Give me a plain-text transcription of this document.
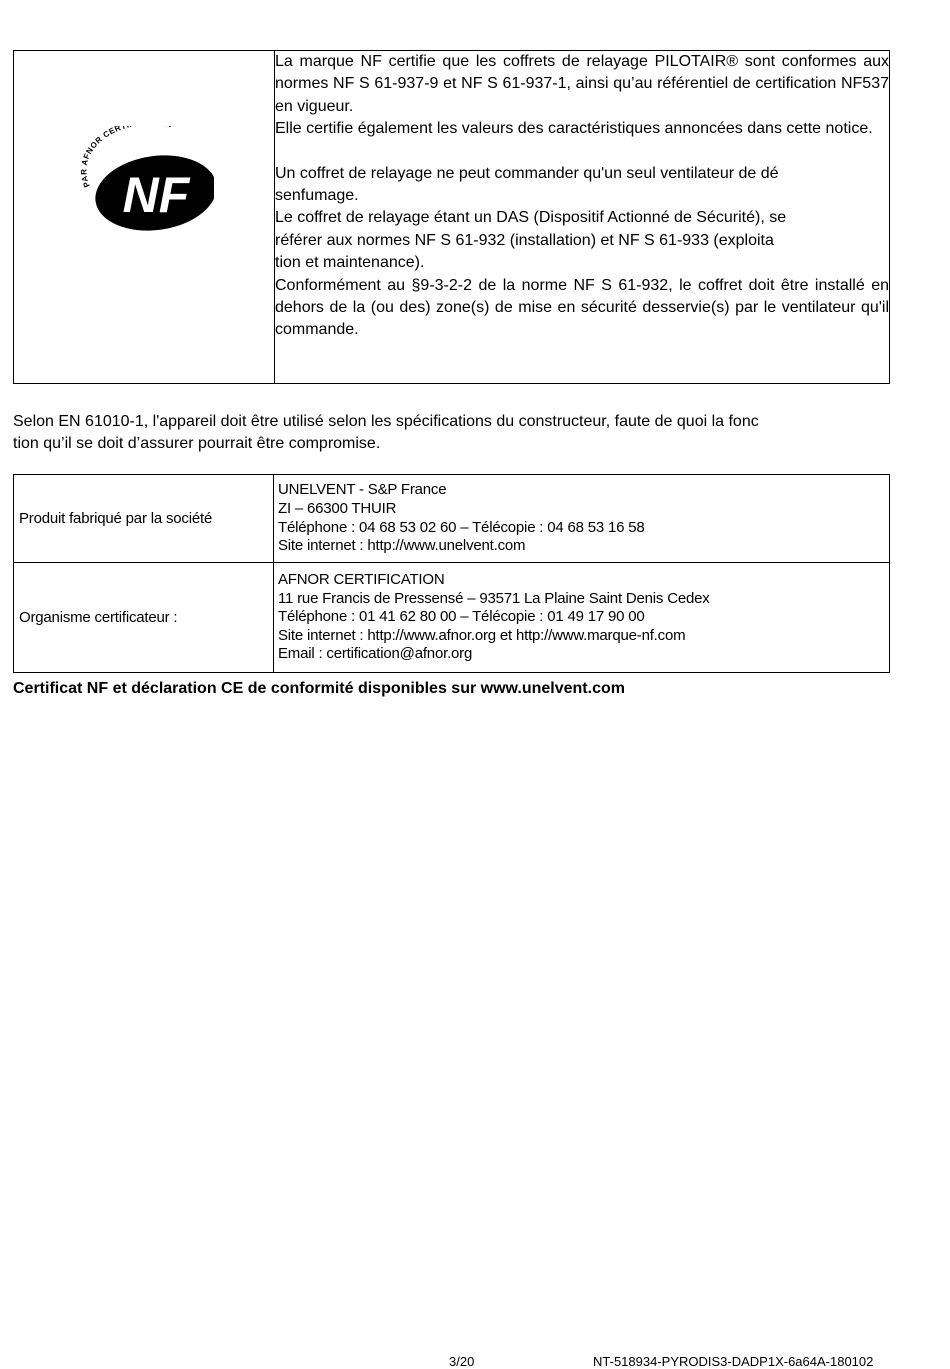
PAR AFNOR CERT
NF

La marque NF certifie que les coffrets de relayage PILOTAIR® sont conformes aux normes NF S 61-937-9 et NF S 61-937-1, ainsi qu’au référentiel de certification NF537 en vigueur.

Elle certifie également les valeurs des caractéristiques annoncées dans cette notice.

Un coffret de relayage ne peut commander qu'un seul ventilateur de dé

senfumage.

Le coffret de relayage étant un DAS (Dispositif Actionné de Sécurité), se

référer aux normes NF S 61-932 (installation) et NF S 61-933 (exploita

tion et maintenance).

Conformément au §9-3-2-2 de la norme NF S 61-932, le coffret doit être installé en dehors de la (ou des) zone(s) de mise en sécurité desservie(s) par le ventilateur qu'il commande.

Selon EN 61010-1, l'appareil doit être utilisé selon les spécifications du constructeur, faute de quoi la fonc
tion qu’il se doit d’assurer pourrait être compromise.
Produit fabriqué par la société	UNELVENT - S&P France
ZI – 66300 THUIR
Téléphone : 04 68 53 02 60 – Télécopie : 04 68 53 16 58
Site internet : http://www.unelvent.com

Organisme certificateur :	AFNOR CERTIFICATION
11 rue Francis de Pressensé – 93571 La Plaine Saint Denis Cedex
Téléphone : 01 41 62 80 00 – Télécopie : 01 49 17 90 00
Site internet : http://www.afnor.org et http://www.marque-nf.com
Email : certification@afnor.org

Certificat NF et déclaration CE de conformité disponibles sur www.unelvent.com

3/20	NT-518934-PYRODIS3-DADP1X-6a64A-180102
